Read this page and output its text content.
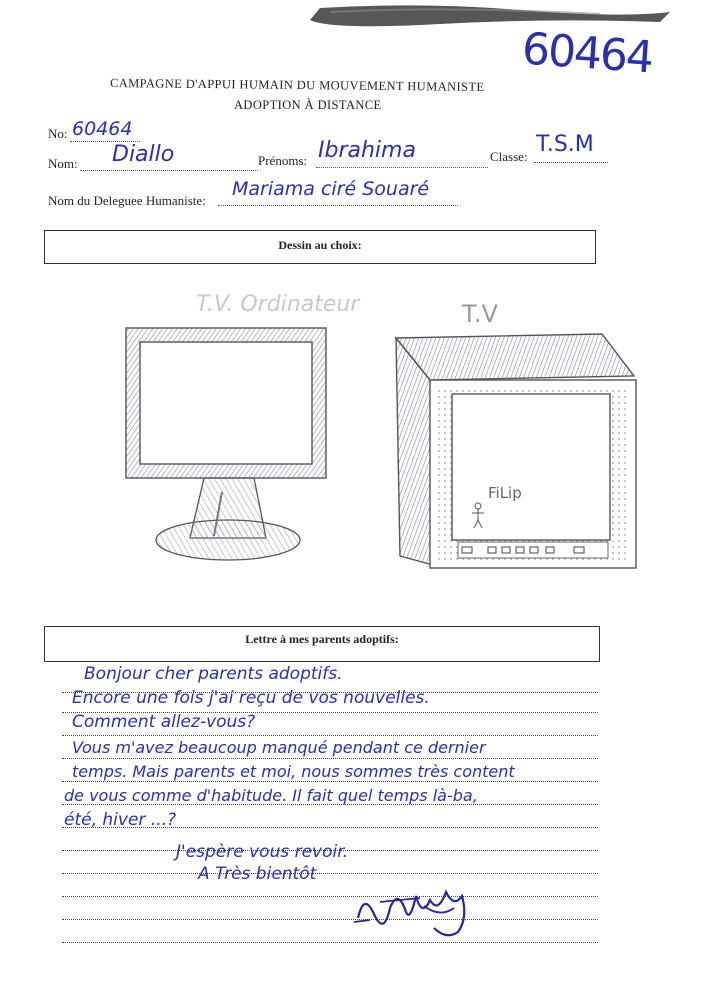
60464
CAMPAGNE D'APPUI HUMAIN DU MOUVEMENT HUMANISTE
ADOPTION À DISTANCE
No: 60464
Nom: Diallo	Prénoms: Ibrahima	Classe: T.S.M
Nom du Deleguee Humaniste:
Mariama ciré Souaré
Dessin au choix:
T.V. Ordinateur	T.V
FiLip
Lettre à mes parents adoptifs:
Bonjour cher parents adoptifs.
Encore une fois j'ai reçu de vos nouvelles.
Comment allez-vous?
Vous m'avez beaucoup manqué pendant ce dernier
temps. Mais parents et moi, nous sommes très content
de vous comme d'habitude. Il fait quel temps là-ba,
été, hiver ...?
J'espère vous revoir.
A Très bientôt
